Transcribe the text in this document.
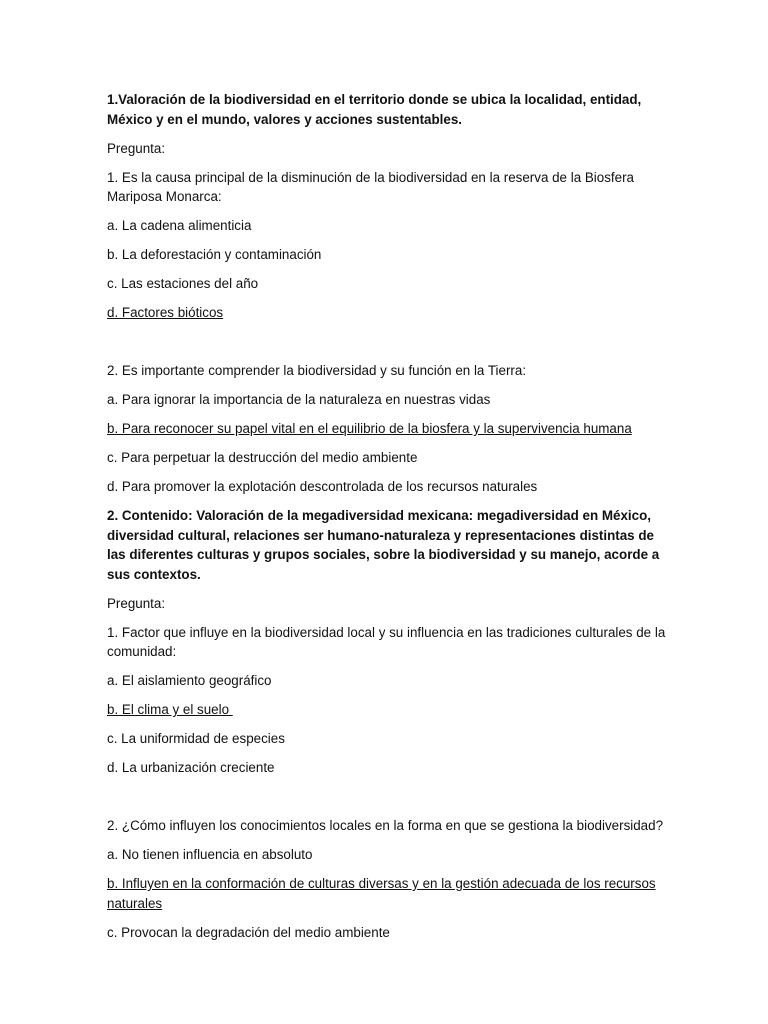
1.Valoración de la biodiversidad en el territorio donde se ubica la localidad, entidad, México y en el mundo, valores y acciones sustentables.

Pregunta:

1. Es la causa principal de la disminución de la biodiversidad en la reserva de la Biosfera Mariposa Monarca:

a. La cadena alimenticia

b. La deforestación y contaminación

c. Las estaciones del año

d. Factores bióticos

2. Es importante comprender la biodiversidad y su función en la Tierra:

a. Para ignorar la importancia de la naturaleza en nuestras vidas

b. Para reconocer su papel vital en el equilibrio de la biosfera y la supervivencia humana

c. Para perpetuar la destrucción del medio ambiente

d. Para promover la explotación descontrolada de los recursos naturales

2. Contenido: Valoración de la megadiversidad mexicana: megadiversidad en México, diversidad cultural, relaciones ser humano-naturaleza y representaciones distintas de las diferentes culturas y grupos sociales, sobre la biodiversidad y su manejo, acorde a sus contextos.

Pregunta:

1. Factor que influye en la biodiversidad local y su influencia en las tradiciones culturales de la comunidad:

a. El aislamiento geográfico

b. El clima y el suelo

c. La uniformidad de especies

d. La urbanización creciente

2. ¿Cómo influyen los conocimientos locales en la forma en que se gestiona la biodiversidad?

a. No tienen influencia en absoluto

b. Influyen en la conformación de culturas diversas y en la gestión adecuada de los recursos naturales

c. Provocan la degradación del medio ambiente
